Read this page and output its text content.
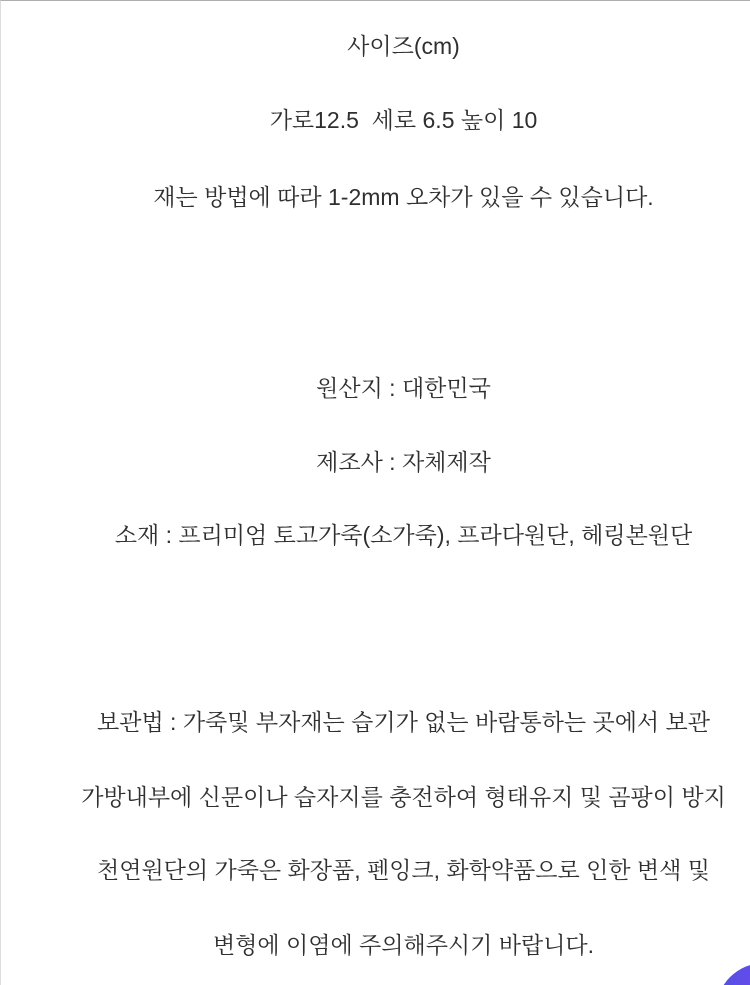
사이즈(cm)
가로12.5  세로 6.5 높이 10
재는 방법에 따라 1-2mm 오차가 있을 수 있습니다.
원산지 : 대한민국
제조사 : 자체제작
소재 : 프리미엄 토고가죽(소가죽), 프라다원단, 헤링본원단
보관법 : 가죽및 부자재는 습기가 없는 바람통하는 곳에서 보관
가방내부에 신문이나 습자지를 충전하여 형태유지 및 곰팡이 방지
천연원단의 가죽은 화장품, 펜잉크, 화학약품으로 인한 변색 및
변형에 이염에 주의해주시기 바랍니다.
